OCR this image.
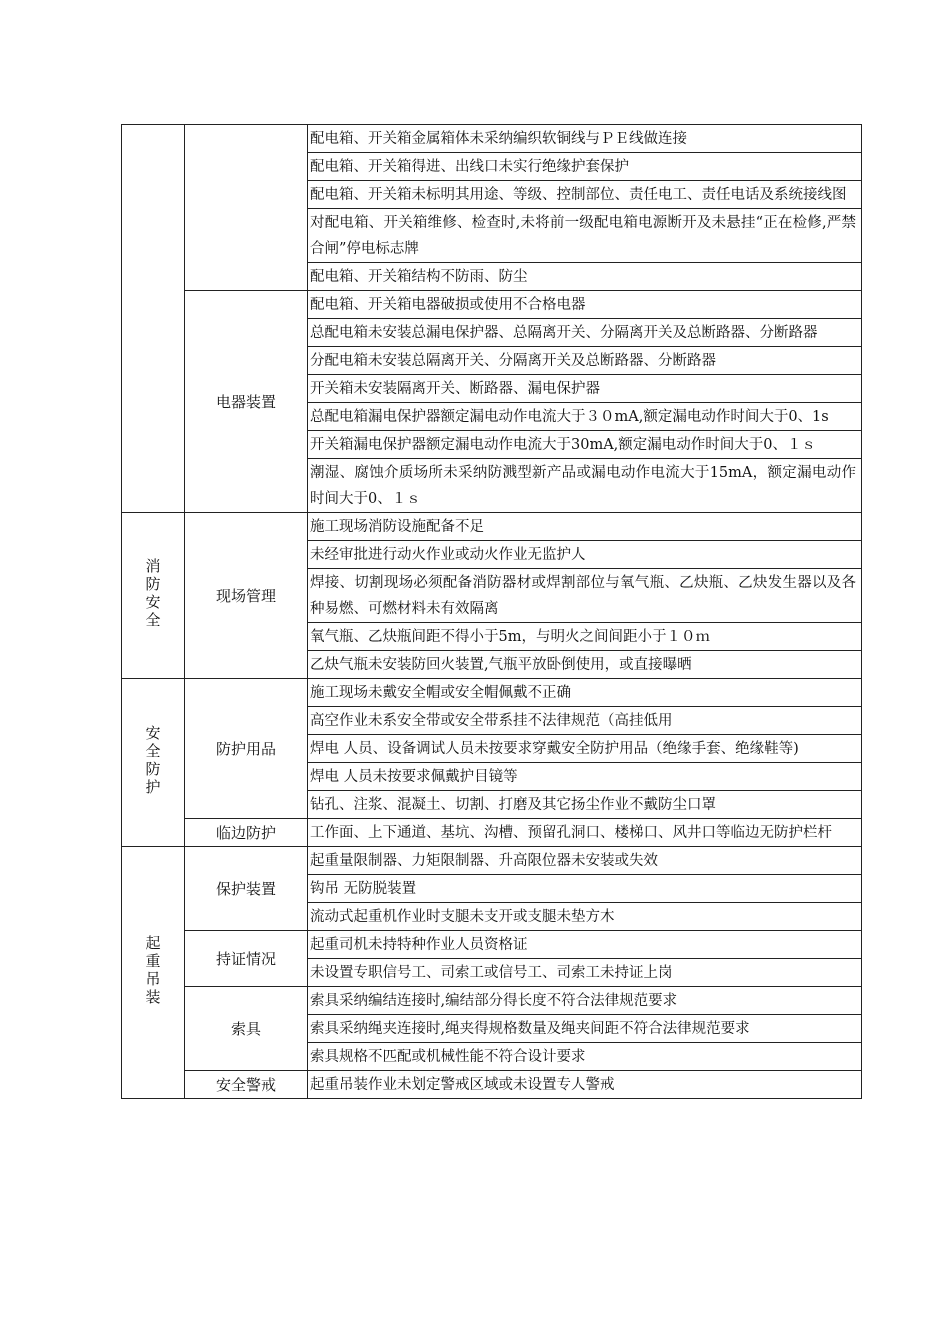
		配电箱、开关箱金属箱体未采纳编织软铜线与ＰＥ线做连接
		配电箱、开关箱得进、出线口未实行绝缘护套保护
		配电箱、开关箱未标明其用途、等级、控制部位、责任电工、责任电话及系统接线图
		对配电箱、开关箱维修、检查时,未将前一级配电箱电源断开及未悬挂“正在检修,严禁合闸”停电标志牌
		配电箱、开关箱结构不防雨、防尘
	电器装置	配电箱、开关箱电器破损或使用不合格电器
		总配电箱未安装总漏电保护器、总隔离开关、分隔离开关及总断路器、分断路器
		分配电箱未安装总隔离开关、分隔离开关及总断路器、分断路器
		开关箱未安装隔离开关、断路器、漏电保护器
		总配电箱漏电保护器额定漏电动作电流大于３０mA,额定漏电动作时间大于0、1s
		开关箱漏电保护器额定漏电动作电流大于30mA,额定漏电动作时间大于0、１ｓ
		潮湿、腐蚀介质场所未采纳防溅型新产品或漏电动作电流大于15mA，额定漏电动作时间大于0、１ｓ
消防安全	现场管理	施工现场消防设施配备不足
		未经审批进行动火作业或动火作业无监护人
		焊接、切割现场必须配备消防器材或焊割部位与氧气瓶、乙炔瓶、乙炔发生器以及各种易燃、可燃材料未有效隔离
		氧气瓶、乙炔瓶间距不得小于5m，与明火之间间距小于１０ｍ
		乙炔气瓶未安装防回火装置,气瓶平放卧倒使用，或直接曝晒
安全防护	防护用品	施工现场未戴安全帽或安全帽佩戴不正确
		高空作业未系安全带或安全带系挂不法律规范（高挂低用
		焊电 人员、设备调试人员未按要求穿戴安全防护用品（绝缘手套、绝缘鞋等)
		焊电 人员未按要求佩戴护目镜等
		钻孔、注浆、混凝土、切割、打磨及其它扬尘作业不戴防尘口罩
	临边防护	工作面、上下通道、基坑、沟槽、预留孔洞口、楼梯口、风井口等临边无防护栏杆
起重吊装	保护装置	起重量限制器、力矩限制器、升高限位器未安装或失效
		钩吊 无防脱装置
		流动式起重机作业时支腿未支开或支腿未垫方木
	持证情况	起重司机未持特种作业人员资格证
		未设置专职信号工、司索工或信号工、司索工未持证上岗
	索具	索具采纳编结连接时,编结部分得长度不符合法律规范要求
		索具采纳绳夹连接时,绳夹得规格数量及绳夹间距不符合法律规范要求
		索具规格不匹配或机械性能不符合设计要求
	安全警戒	起重吊装作业未划定警戒区域或未设置专人警戒
